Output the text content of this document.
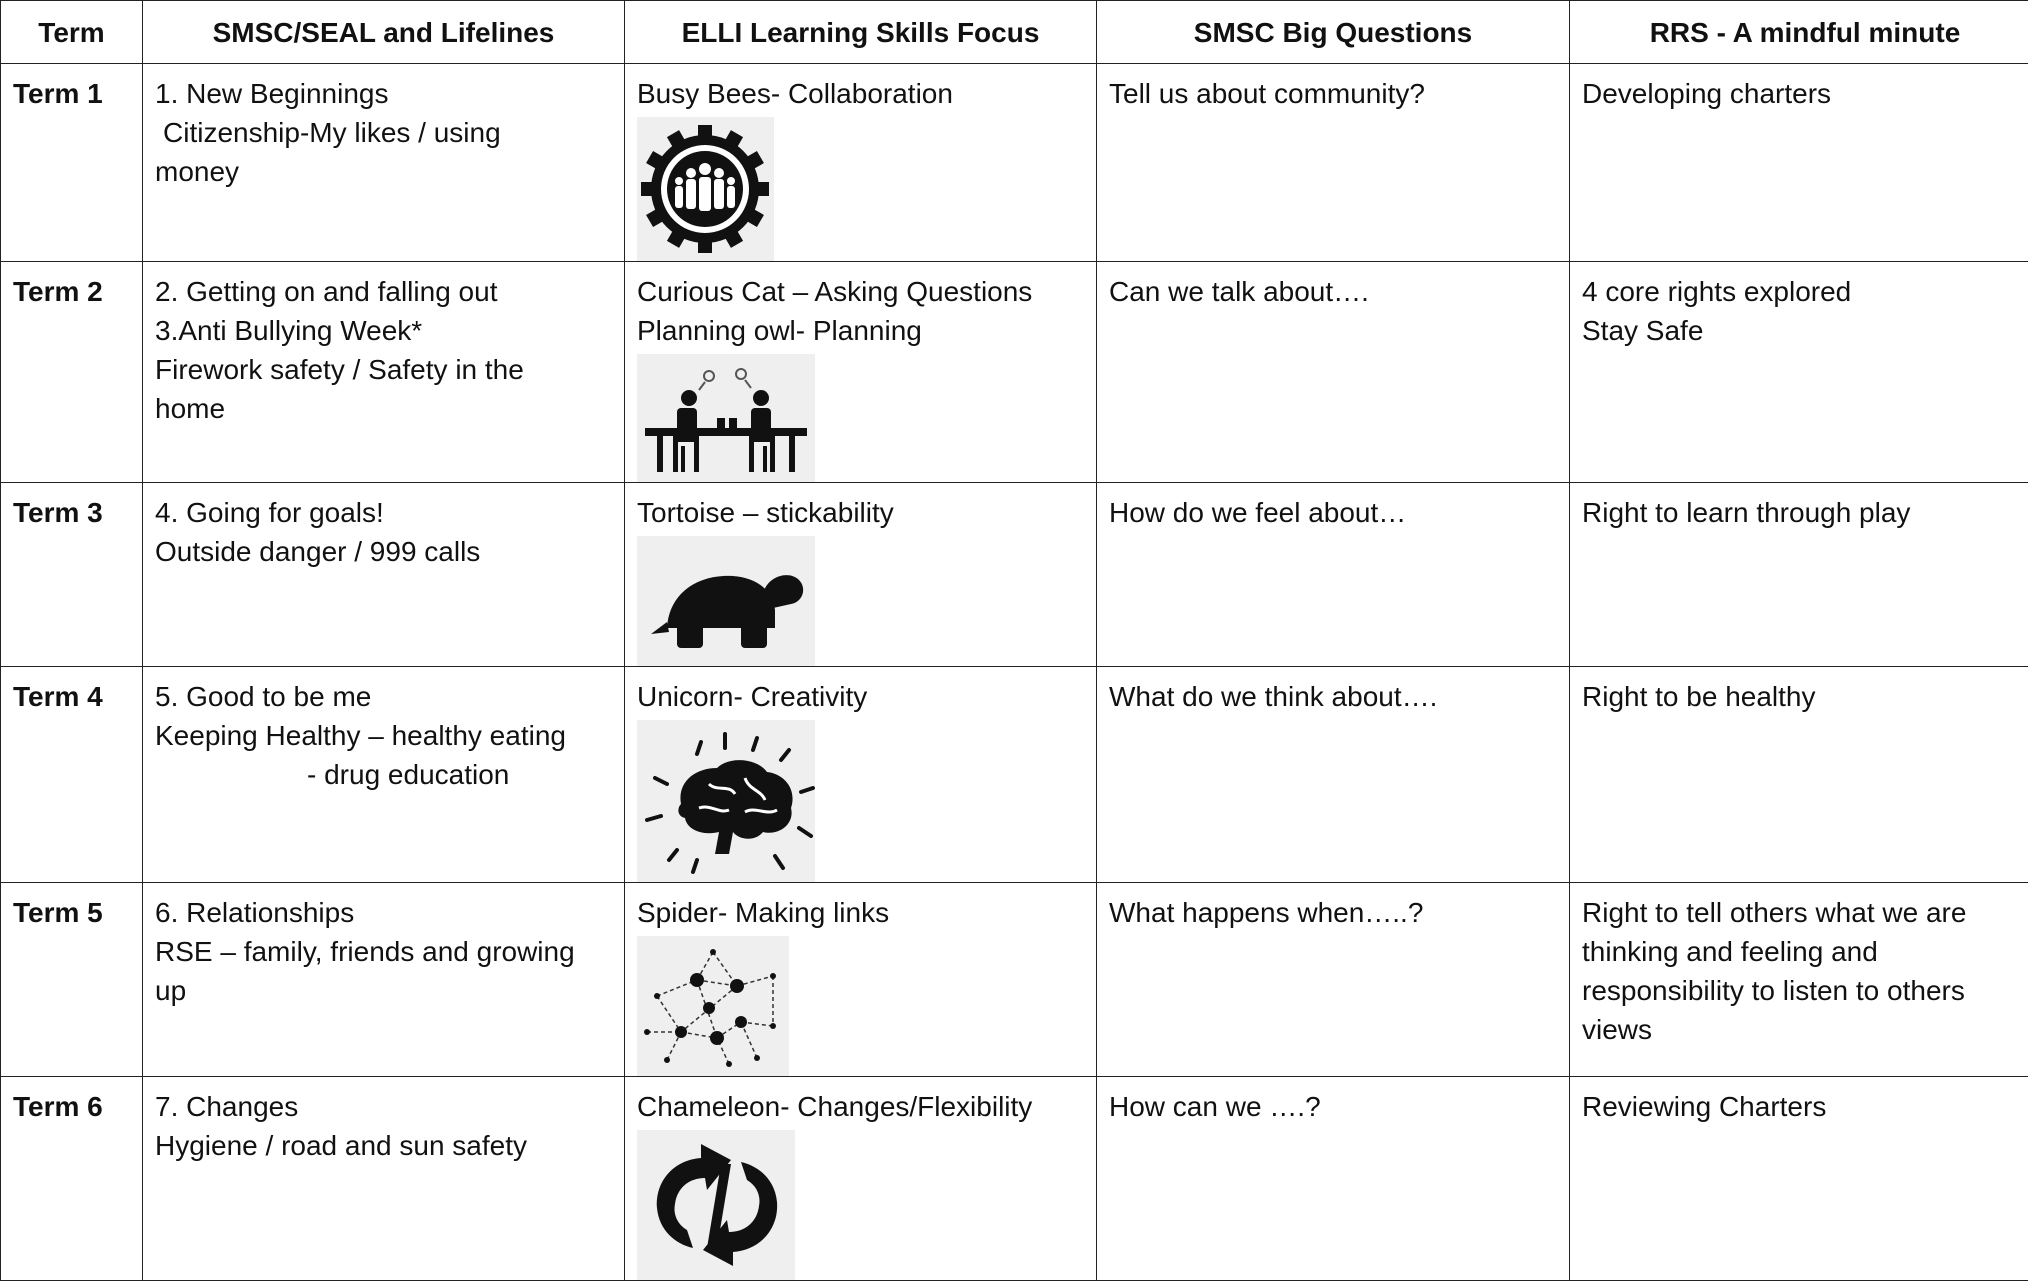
Term	SMSC/SEAL and Lifelines	ELLI Learning Skills Focus	SMSC Big Questions	RRS - A mindful minute

Term 1	1. New Beginnings
Citizenship-My likes / using
money	Busy Bees- Collaboration	Tell us about community?	Developing charters

Term 2	2. Getting on and falling out
3.Anti Bullying Week*
Firework safety / Safety in the
home	Curious Cat – Asking Questions
Planning owl- Planning	Can we talk about….	4 core rights explored
Stay Safe

Term 3	4. Going for goals!
Outside danger / 999 calls	Tortoise – stickability	How do we feel about…	Right to learn through play

Term 4	5. Good to be me
Keeping Healthy – healthy eating
- drug education	Unicorn- Creativity	What do we think about….	Right to be healthy

Term 5	6. Relationships
RSE – family, friends and growing
up	Spider- Making links	What happens when…..?	Right to tell others what we are
thinking and feeling and
responsibility to listen to others
views

Term 6	7. Changes
Hygiene / road and sun safety	Chameleon- Changes/Flexibility	How can we ….?	Reviewing Charters
